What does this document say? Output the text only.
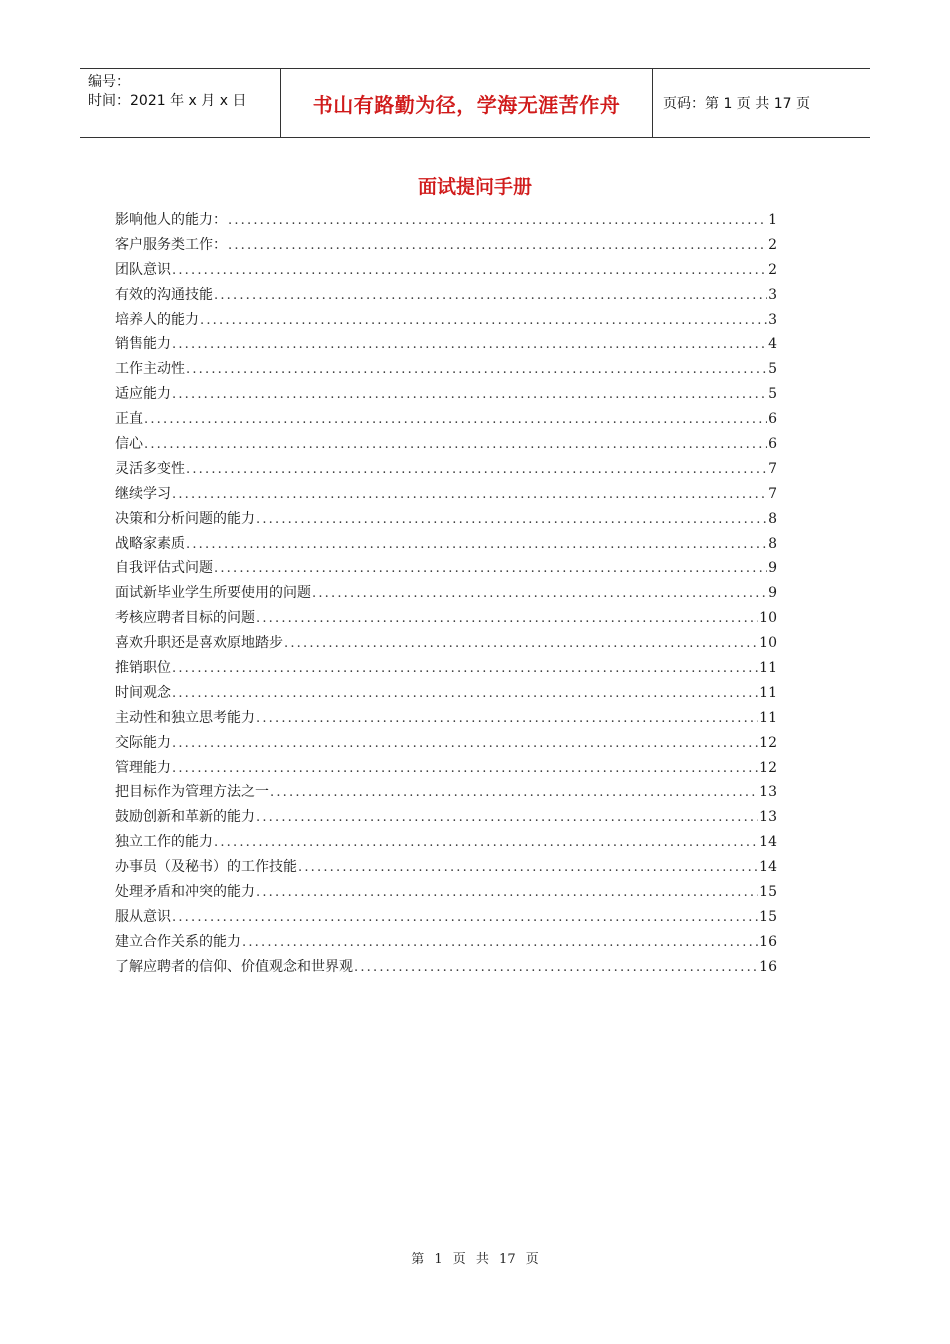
编号：
时间：2021 年 x 月 x 日	书山有路勤为径，学海无涯苦作舟	页码：第 1 页 共 17 页
面试提问手册
影响他人的能力： .....	1
客户服务类工作： .....	2
团队意识 .....	2
有效的沟通技能 .....	3
培养人的能力 .....	3
销售能力 .....	4
工作主动性 .....	5
适应能力 .....	5
正直 .....	6
信心 .....	6
灵活多变性 .....	7
继续学习 .....	7
决策和分析问题的能力 .....	8
战略家素质 .....	8
自我评估式问题 .....	9
面试新毕业学生所要使用的问题 .....	9
考核应聘者目标的问题 .....	10
喜欢升职还是喜欢原地踏步 .....	10
推销职位 .....	11
时间观念 .....	11
主动性和独立思考能力 .....	11
交际能力 .....	12
管理能力 .....	12
把目标作为管理方法之一 .....	13
鼓励创新和革新的能力 .....	13
独立工作的能力 .....	14
办事员（及秘书）的工作技能 .....	14
处理矛盾和冲突的能力 .....	15
服从意识 .....	15
建立合作关系的能力 .....	16
了解应聘者的信仰、价值观念和世界观 .....	16
第 1 页 共 17 页
